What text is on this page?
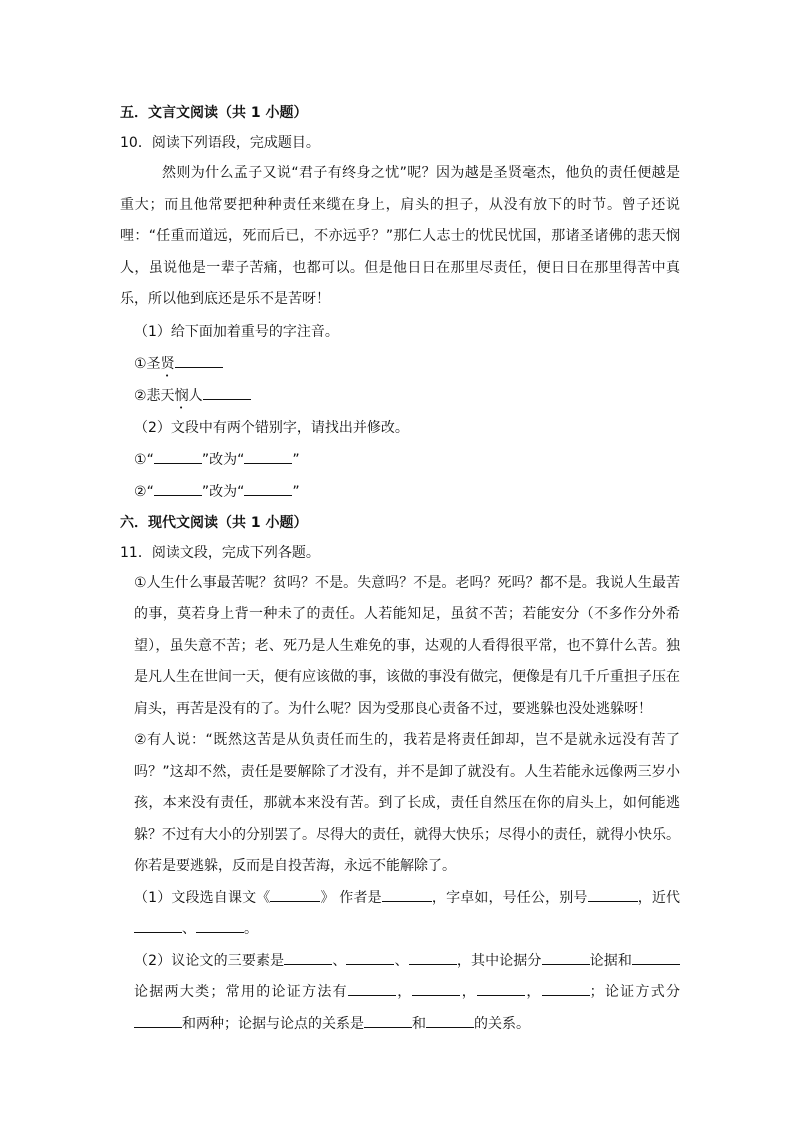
五．文言文阅读（共 1 小题）
10．阅读下列语段，完成题目。
然则为什么孟子又说“君子有终身之忧”呢？因为越是圣贤毫杰，他负的责任便越是重大；而且他常要把种种责任来缆在身上，肩头的担子，从没有放下的时节。曾子还说哩：“任重而道远，死而后已，不亦远乎？”那仁人志士的忧民忧国，那诸圣诸佛的悲天悯人，虽说他是一辈子苦痛，也都可以。但是他日日在那里尽责任，便日日在那里得苦中真乐，所以他到底还是乐不是苦呀！
（1）给下面加着重号的字注音。
①圣贤
②悲天悯人
（2）文段中有两个错别字，请找出并修改。
①“	”改为“	”
②“	”改为“	”
六．现代文阅读（共 1 小题）
11．阅读文段，完成下列各题。
①人生什么事最苦呢？贫吗？不是。失意吗？不是。老吗？死吗？都不是。我说人生最苦的事，莫若身上背一种未了的责任。人若能知足，虽贫不苦；若能安分（不多作分外希望），虽失意不苦；老、死乃是人生难免的事，达观的人看得很平常，也不算什么苦。独是凡人生在世间一天，便有应该做的事，该做的事没有做完，便像是有几千斤重担子压在肩头，再苦是没有的了。为什么呢？因为受那良心责备不过，要逃躲也没处逃躲呀！
②有人说：“既然这苦是从负责任而生的，我若是将责任卸却，岂不是就永远没有苦了吗？”这却不然，责任是要解除了才没有，并不是卸了就没有。人生若能永远像两三岁小孩，本来没有责任，那就本来没有苦。到了长成，责任自然压在你的肩头上，如何能逃躲？不过有大小的分别罢了。尽得大的责任，就得大快乐；尽得小的责任，就得小快乐。你若是要逃躲，反而是自投苦海，永远不能解除了。
（1）文段选自课文《	》 作者是	，字卓如，号任公，别号	，近代、	。
（2）议论文的三要素是	、	、	，其中论据分	论据和论据两大类；常用的论证方法有	，	，	，	；论证方式分和两种；论据与论点的关系是	和	的关系。
